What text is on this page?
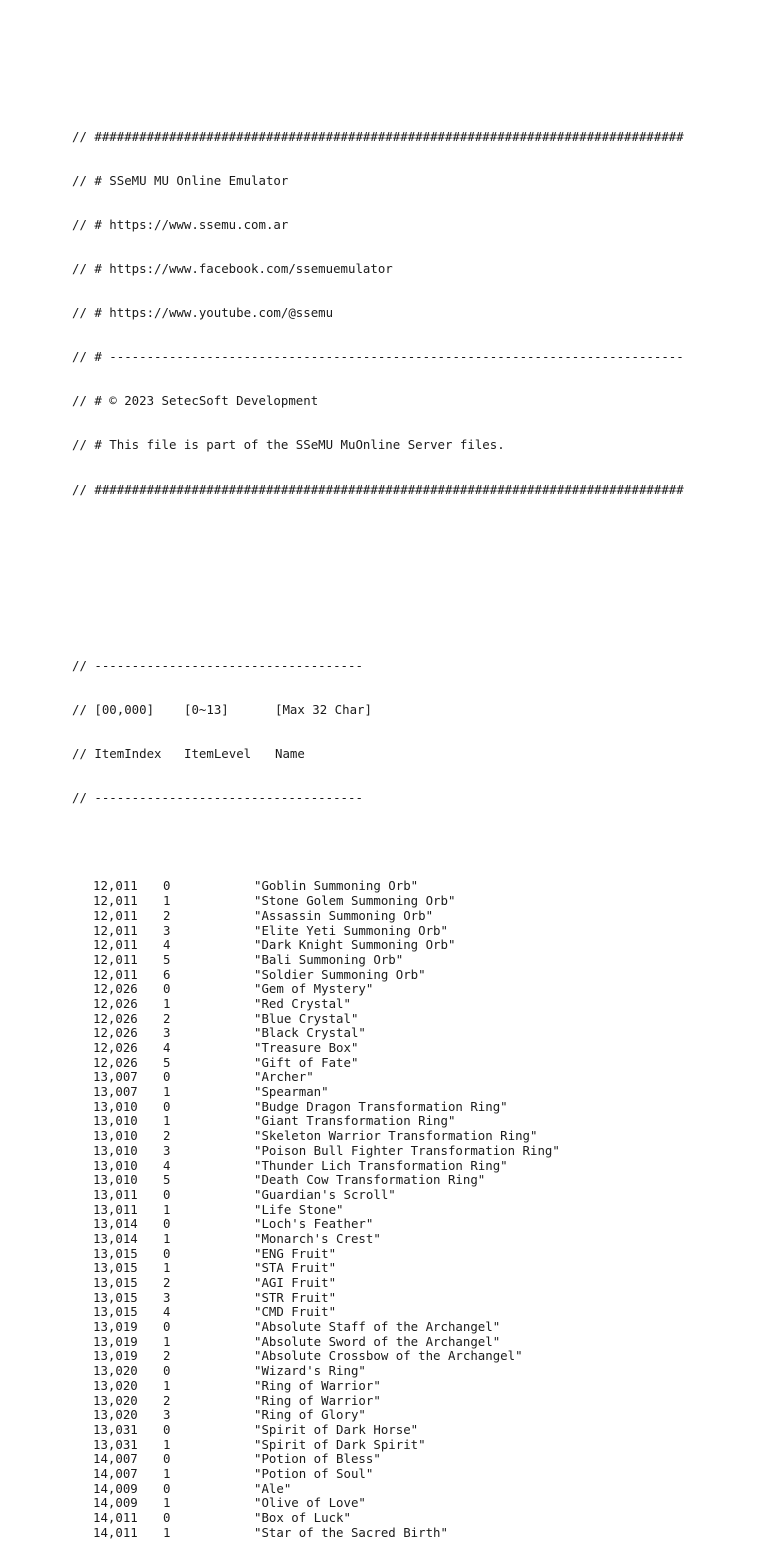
// ###############################################################################

// # SSeMU MU Online Emulator

// # https://www.ssemu.com.ar

// # https://www.facebook.com/ssemuemulator

// # https://www.youtube.com/@ssemu

// # -----------------------------------------------------------------------------

// # © 2023 SetecSoft Development

// # This file is part of the SSeMU MuOnline Server files.

// ###############################################################################

// ------------------------------------

// [00,000]	[0~13]	[Max 32 Char]

// ItemIndex	ItemLevel	Name

// ------------------------------------

12,011	0	"Goblin Summoning Orb"
12,011	1	"Stone Golem Summoning Orb"
12,011	2	"Assassin Summoning Orb"
12,011	3	"Elite Yeti Summoning Orb"
12,011	4	"Dark Knight Summoning Orb"
12,011	5	"Bali Summoning Orb"
12,011	6	"Soldier Summoning Orb"
12,026	0	"Gem of Mystery"
12,026	1	"Red Crystal"
12,026	2	"Blue Crystal"
12,026	3	"Black Crystal"
12,026	4	"Treasure Box"
12,026	5	"Gift of Fate"
13,007	0	"Archer"
13,007	1	"Spearman"
13,010	0	"Budge Dragon Transformation Ring"
13,010	1	"Giant Transformation Ring"
13,010	2	"Skeleton Warrior Transformation Ring"
13,010	3	"Poison Bull Fighter Transformation Ring"
13,010	4	"Thunder Lich Transformation Ring"
13,010	5	"Death Cow Transformation Ring"
13,011	0	"Guardian's Scroll"
13,011	1	"Life Stone"
13,014	0	"Loch's Feather"
13,014	1	"Monarch's Crest"
13,015	0	"ENG Fruit"
13,015	1	"STA Fruit"
13,015	2	"AGI Fruit"
13,015	3	"STR Fruit"
13,015	4	"CMD Fruit"
13,019	0	"Absolute Staff of the Archangel"
13,019	1	"Absolute Sword of the Archangel"
13,019	2	"Absolute Crossbow of the Archangel"
13,020	0	"Wizard's Ring"
13,020	1	"Ring of Warrior"
13,020	2	"Ring of Warrior"
13,020	3	"Ring of Glory"
13,031	0	"Spirit of Dark Horse"
13,031	1	"Spirit of Dark Spirit"
14,007	0	"Potion of Bless"
14,007	1	"Potion of Soul"
14,009	0	"Ale"
14,009	1	"Olive of Love"
14,011	0	"Box of Luck"
14,011	1	"Star of the Sacred Birth"
